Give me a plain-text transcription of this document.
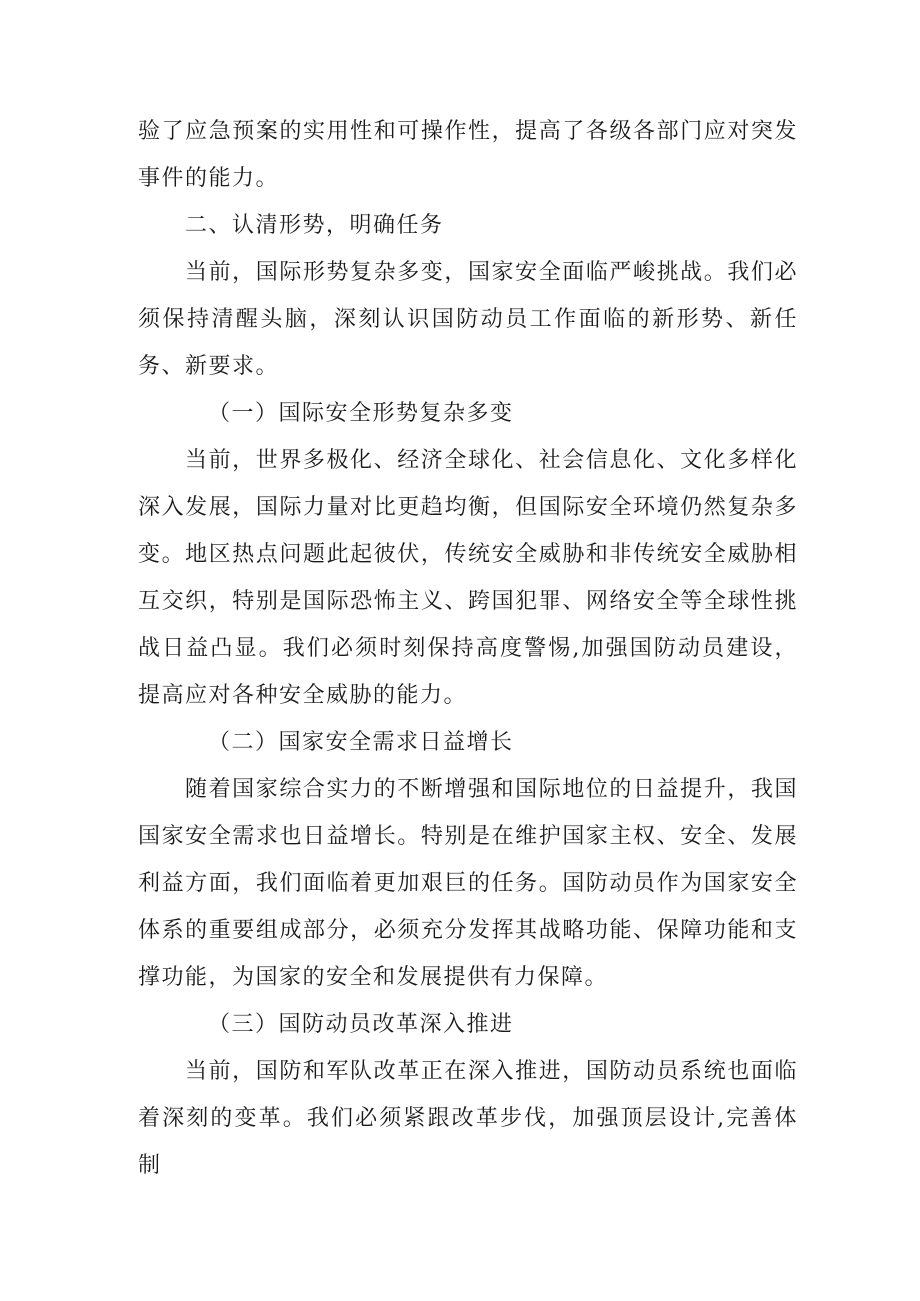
验了应急预案的实用性和可操作性，提高了各级各部门应对突发事件的能力。

二、认清形势，明确任务

当前，国际形势复杂多变，国家安全面临严峻挑战。我们必须保持清醒头脑，深刻认识国防动员工作面临的新形势、新任务、新要求。

（一）国际安全形势复杂多变

当前，世界多极化、经济全球化、社会信息化、文化多样化深入发展，国际力量对比更趋均衡，但国际安全环境仍然复杂多变。地区热点问题此起彼伏，传统安全威胁和非传统安全威胁相互交织，特别是国际恐怖主义、跨国犯罪、网络安全等全球性挑战日益凸显。我们必须时刻保持高度警惕,加强国防动员建设，提高应对各种安全威胁的能力。

（二）国家安全需求日益增长

随着国家综合实力的不断增强和国际地位的日益提升，我国国家安全需求也日益增长。特别是在维护国家主权、安全、发展利益方面，我们面临着更加艰巨的任务。国防动员作为国家安全体系的重要组成部分，必须充分发挥其战略功能、保障功能和支撑功能，为国家的安全和发展提供有力保障。

（三）国防动员改革深入推进

当前，国防和军队改革正在深入推进，国防动员系统也面临着深刻的变革。我们必须紧跟改革步伐，加强顶层设计,完善体制
